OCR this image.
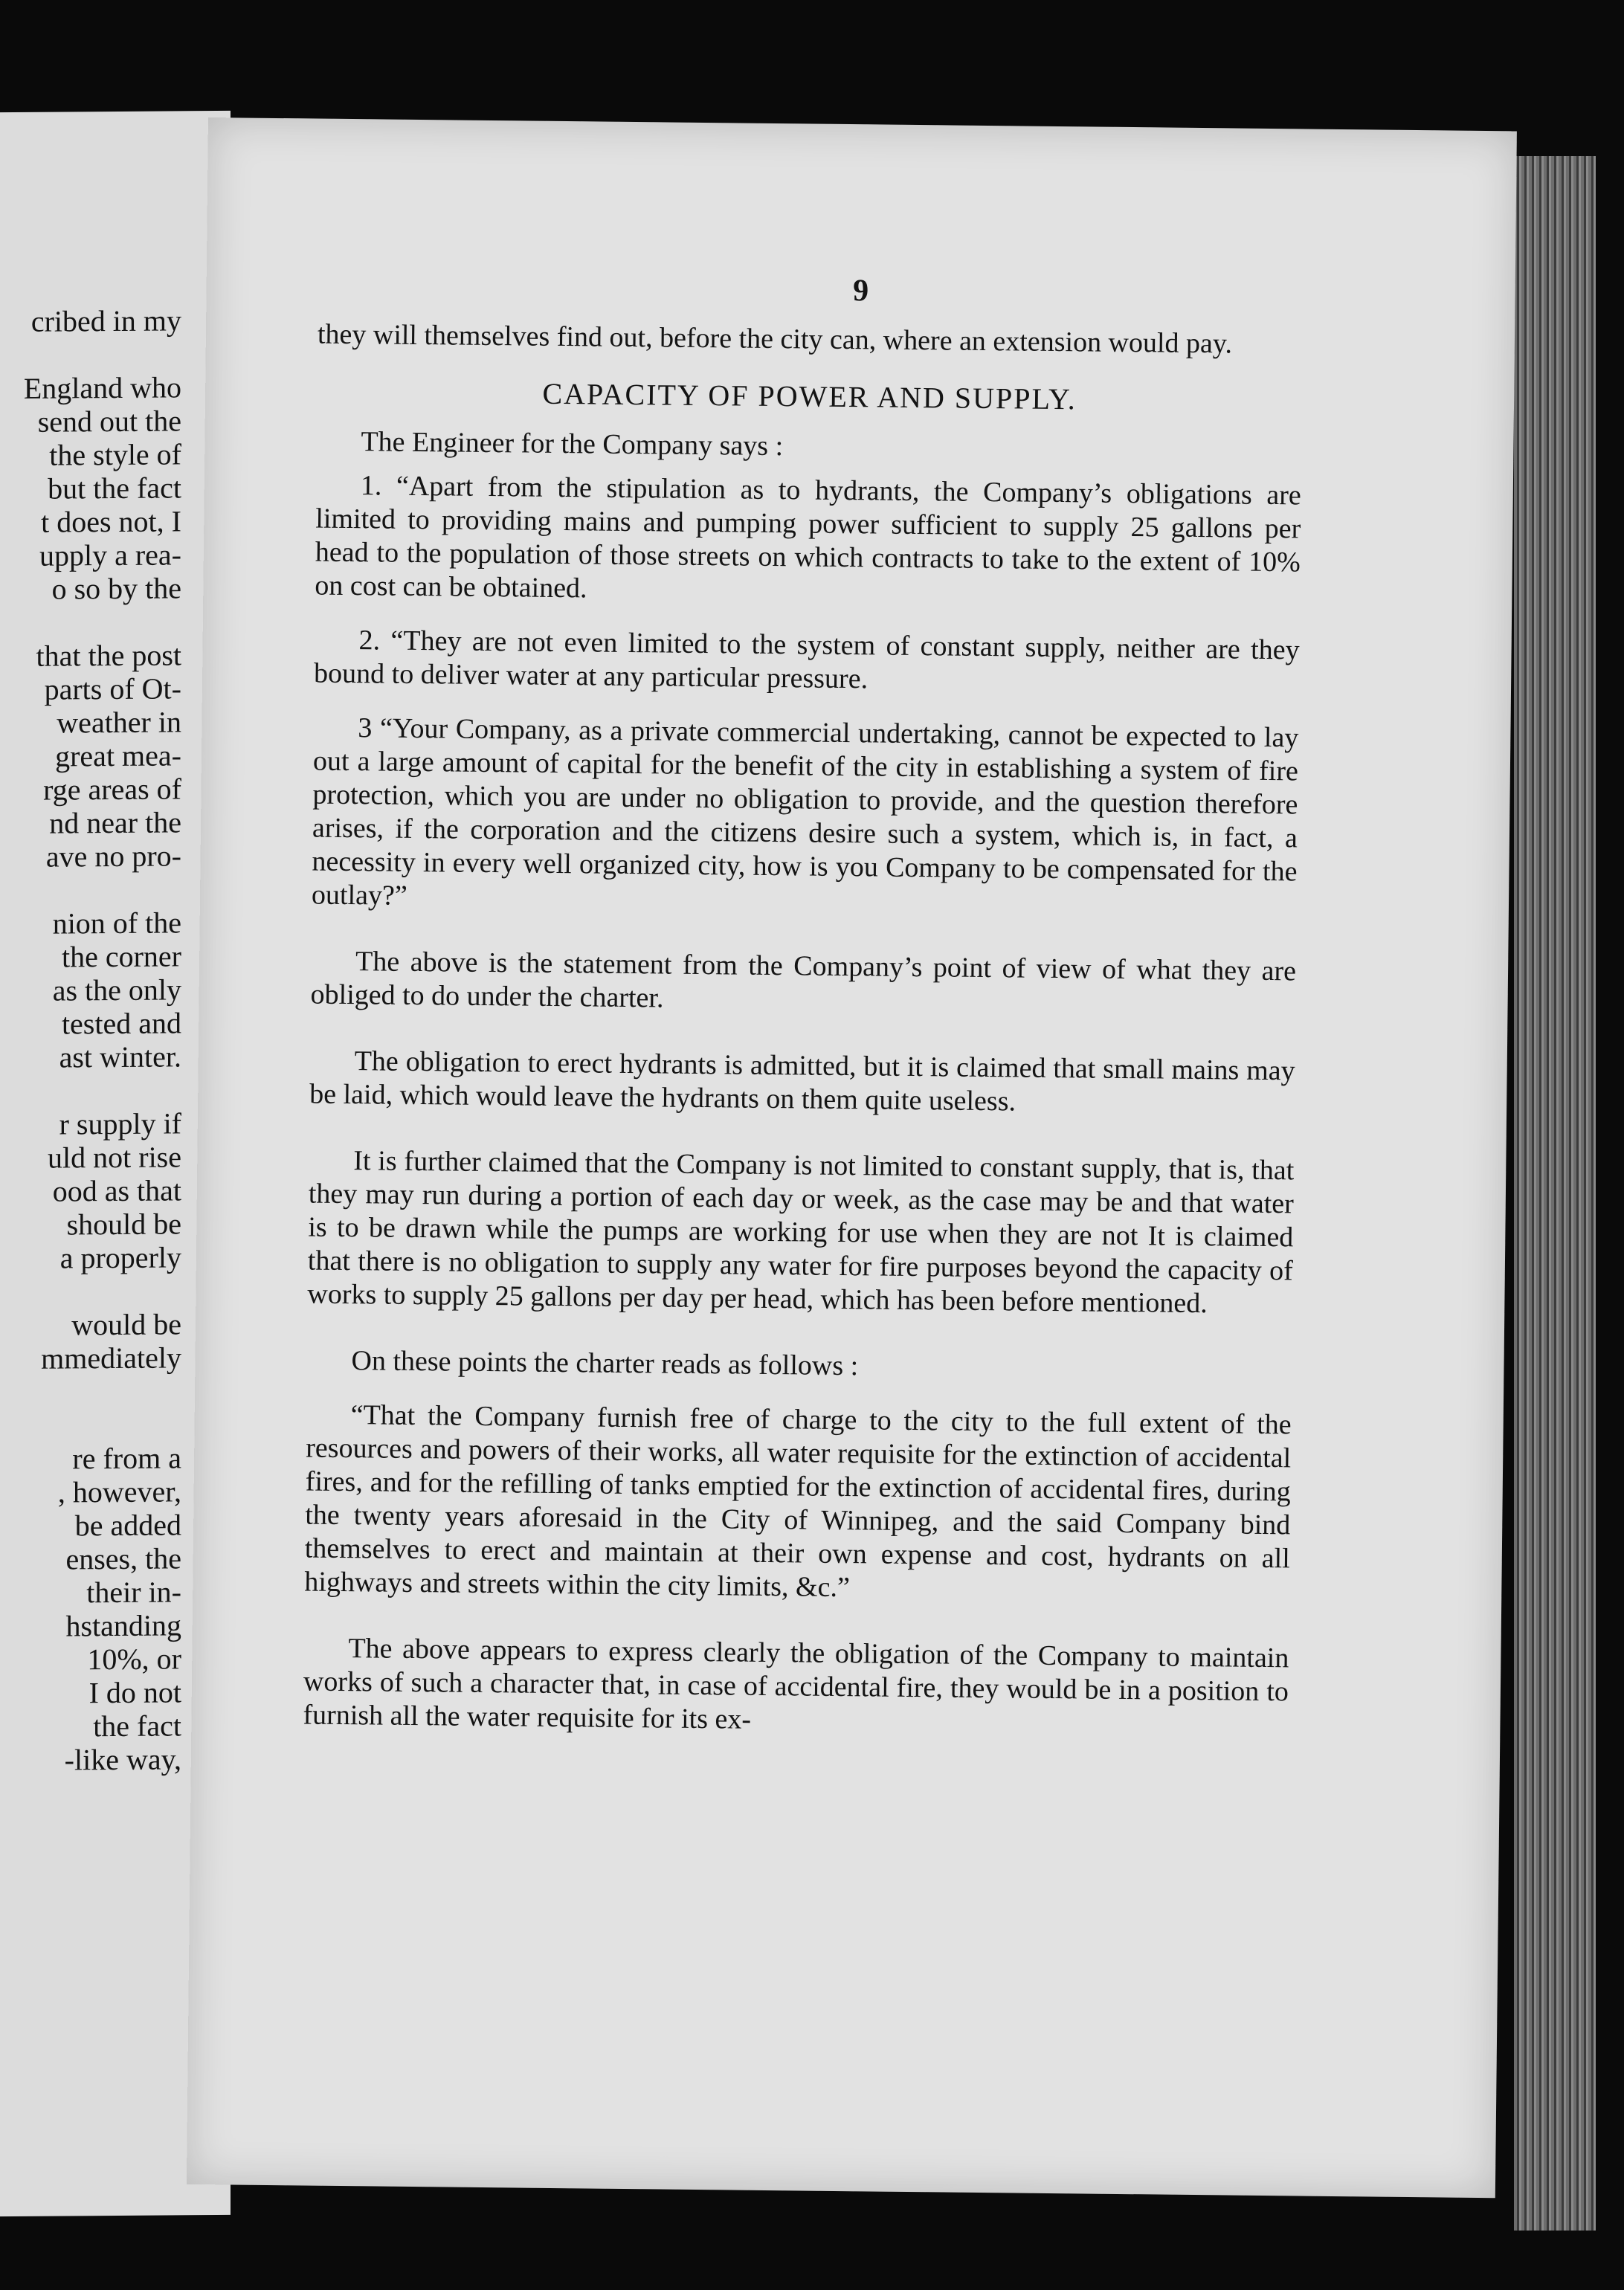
cribed in my
England who
send out the
the style of
but the fact
t does not, I
upply a rea-
o so by the
that the post
parts of Ot-
weather in
great mea-
rge areas of
nd near the
ave no pro-
nion of the
the corner
as the only
tested and
ast winter.
r supply if
uld not rise
ood as that
should be
a properly
would be
mmediately
re from a
, however,
be added
enses, the
their in-
hstanding
10%, or
I do not
the fact
-like way,
9

they will themselves find out, before the city can, where an extension would pay.

CAPACITY OF POWER AND SUPPLY.

The Engineer for the Company says :

1. “Apart from the stipulation as to hydrants, the Company’s obligations are limited to providing mains and pumping power sufficient to supply 25 gallons per head to the population of those streets on which contracts to take to the extent of 10% on cost can be obtained.

2. “They are not even limited to the system of constant supply, neither are they bound to deliver water at any particular pressure.

3 “Your Company, as a private commercial undertaking, cannot be expected to lay out a large amount of capital for the benefit of the city in establishing a system of fire protection, which you are under no obligation to provide, and the question therefore arises, if the corporation and the citizens desire such a system, which is, in fact, a necessity in every well organized city, how is you Company to be compensated for the outlay?”

The above is the statement from the Company’s point of view of what they are obliged to do under the charter.

The obligation to erect hydrants is admitted, but it is claimed that small mains may be laid, which would leave the hydrants on them quite useless.

It is further claimed that the Company is not limited to constant supply, that is, that they may run during a portion of each day or week, as the case may be and that water is to be drawn while the pumps are working for use when they are not It is claimed that there is no obligation to supply any water for fire purposes beyond the capacity of works to supply 25 gallons per day per head, which has been before mentioned.

On these points the charter reads as follows :

“That the Company furnish free of charge to the city to the full extent of the resources and powers of their works, all water requisite for the extinction of accidental fires, and for the refilling of tanks emptied for the extinction of accidental fires, during the twenty years aforesaid in the City of Winnipeg, and the said Company bind themselves to erect and maintain at their own expense and cost, hydrants on all highways and streets within the city limits, &c.”

The above appears to express clearly the obligation of the Company to maintain works of such a character that, in case of accidental fire, they would be in a position to furnish all the water requisite for its ex-
